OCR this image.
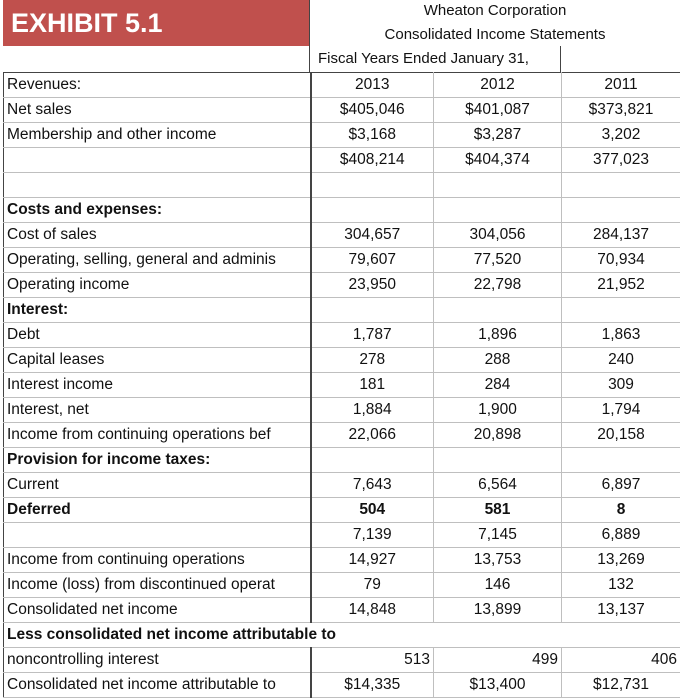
EXHIBIT 5.1	Wheaton Corporation
Consolidated Income Statements
Fiscal Years Ended January 31,
Revenues:	2013	2012	2011
Net sales	$405,046	$401,087	$373,821
Membership and other income	$3,168	$3,287	3,202
	$408,214	$404,374	377,023

Costs and expenses:			
Cost of sales	304,657	304,056	284,137
Operating, selling, general and adminis	79,607	77,520	70,934
Operating income	23,950	22,798	21,952
Interest:			
Debt	1,787	1,896	1,863
Capital leases	278	288	240
Interest income	181	284	309
Interest, net	1,884	1,900	1,794
Income from continuing operations bef	22,066	20,898	20,158
Provision for income taxes:			
Current	7,643	6,564	6,897
Deferred	504	581	8
	7,139	7,145	6,889
Income from continuing operations	14,927	13,753	13,269
Income (loss) from discontinued operat	79	146	132
Consolidated net income	14,848	13,899	13,137
Less consolidated net income attributable to			
noncontrolling interest	513	499	406
Consolidated net income attributable to	$14,335	$13,400	$12,731
